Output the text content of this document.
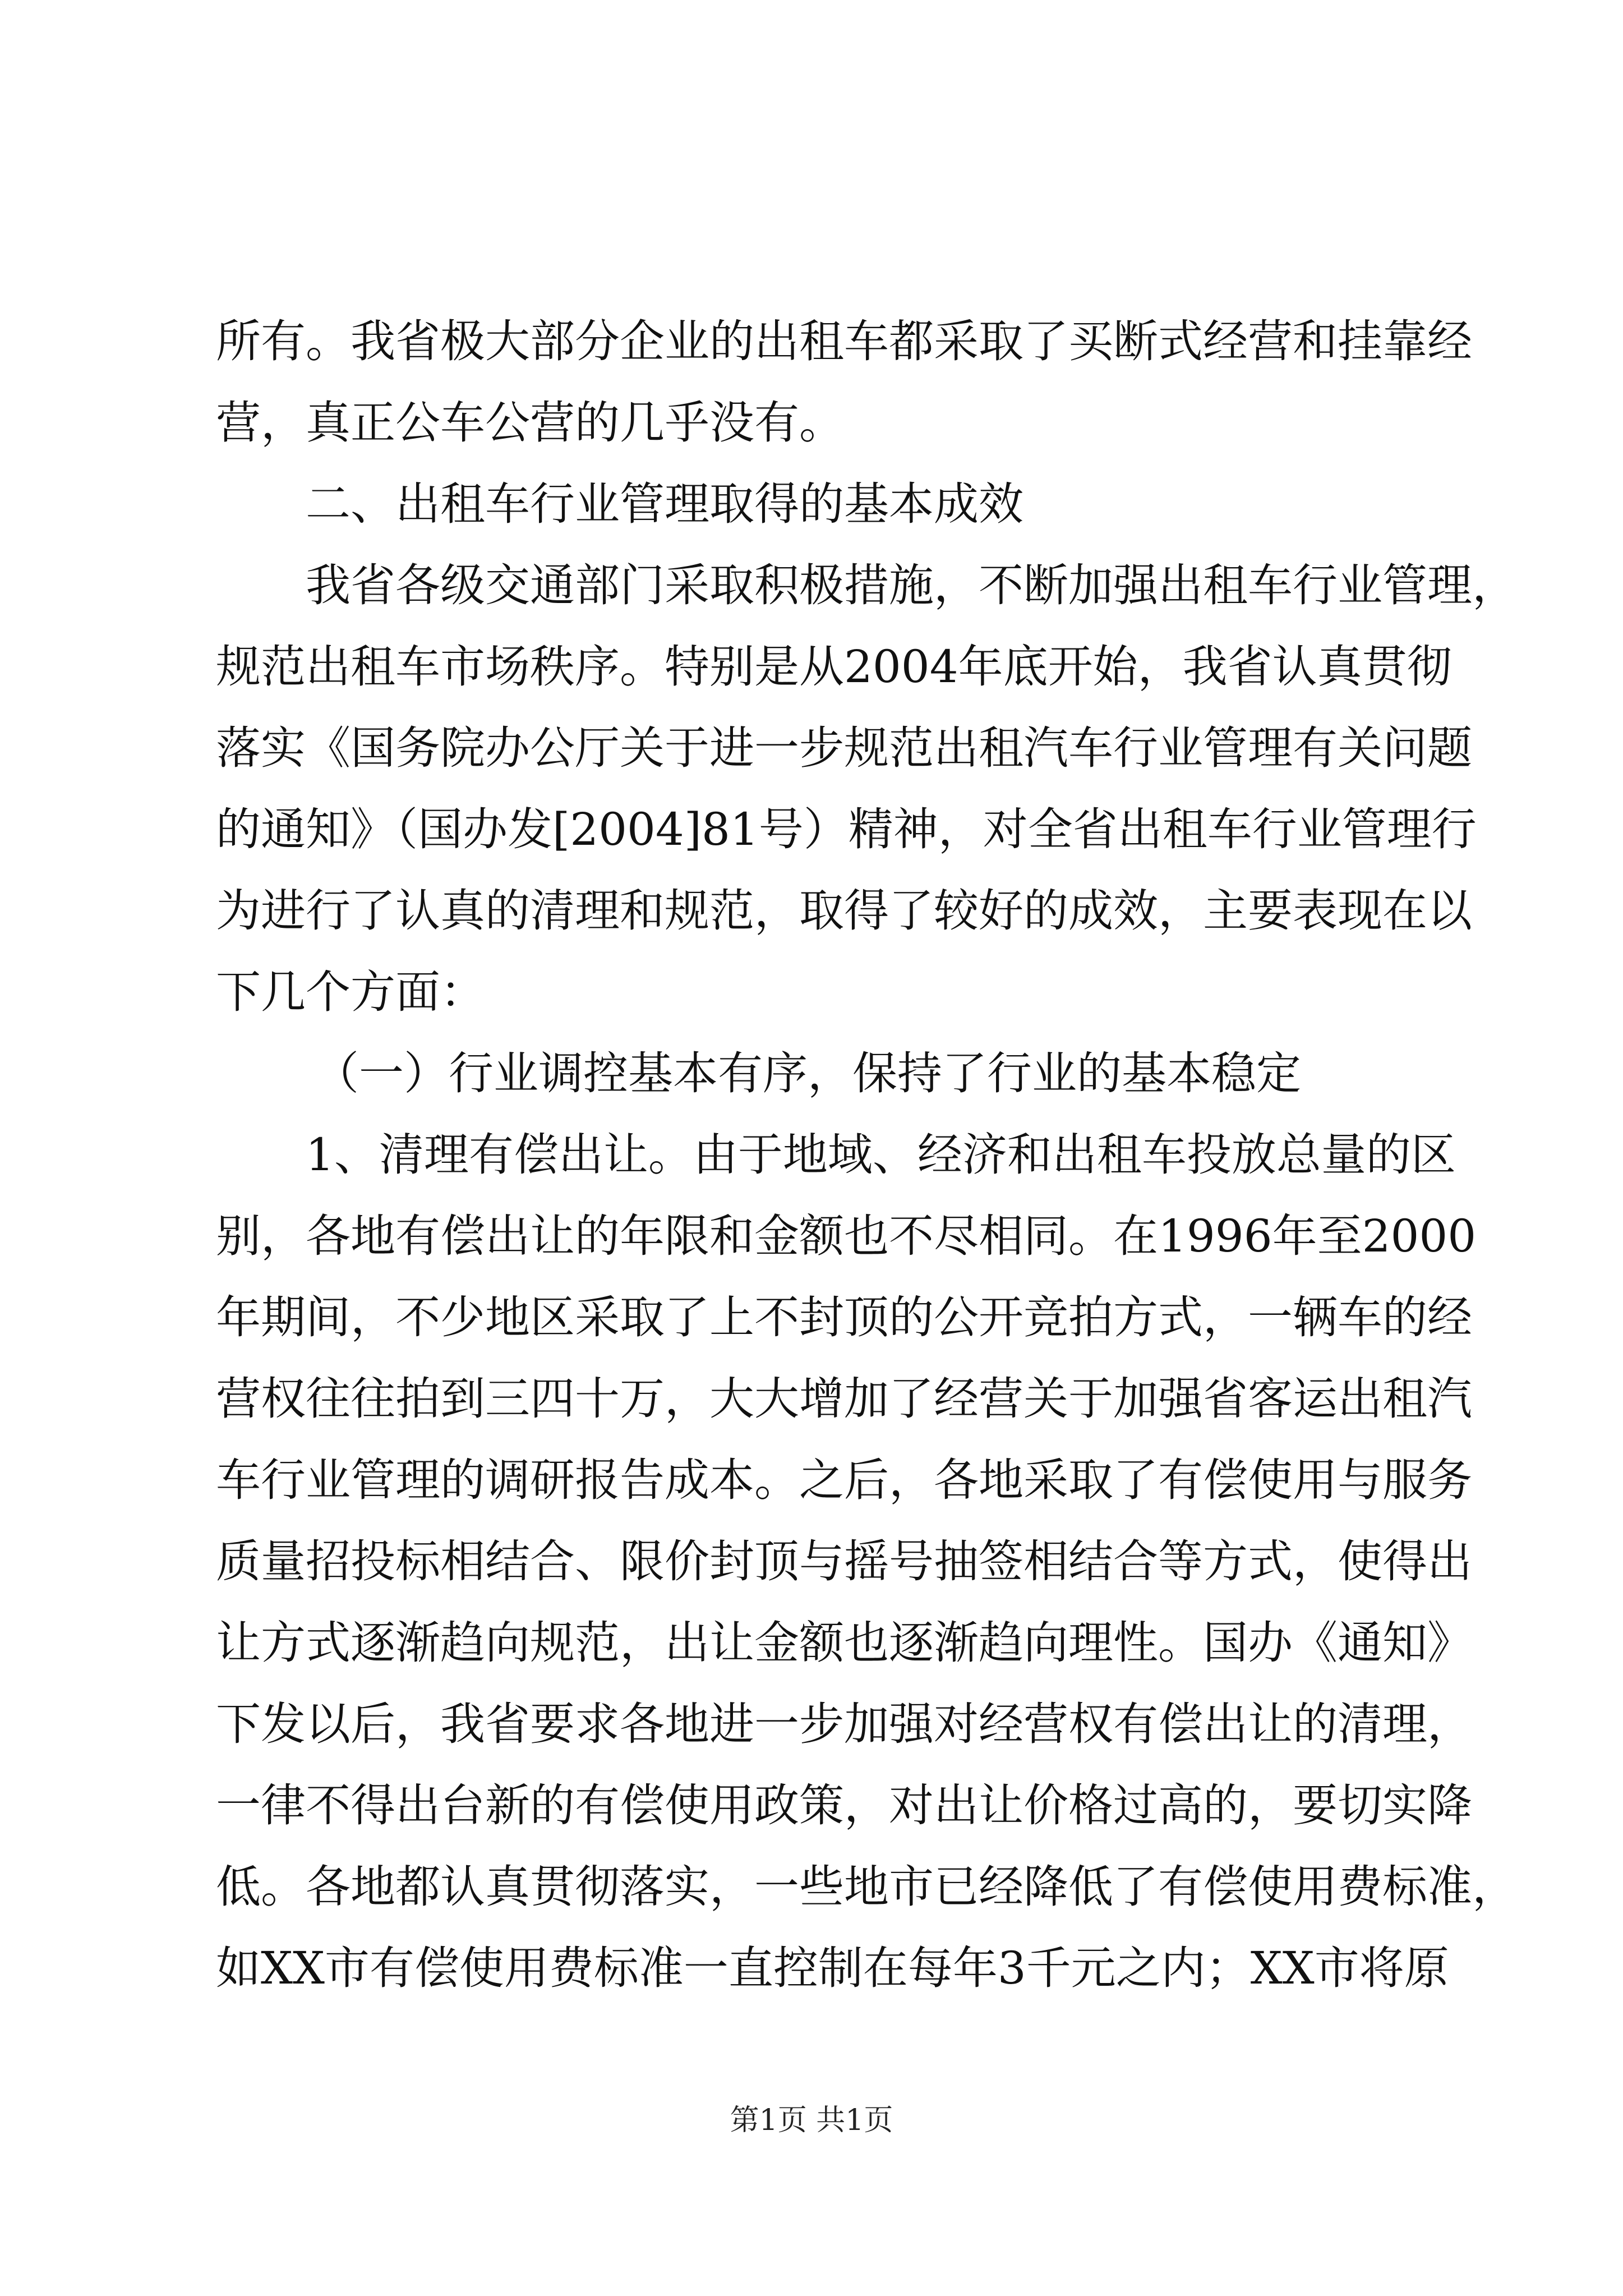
所有。我省极大部分企业的出租车都采取了买断式经营和挂靠经
营，真正公车公营的几乎没有。
二、出租车行业管理取得的基本成效
我省各级交通部门采取积极措施，不断加强出租车行业管理，
规范出租车市场秩序。特别是从2004年底开始，我省认真贯彻
落实《国务院办公厅关于进一步规范出租汽车行业管理有关问题
的通知》（国办发[2004]81号）精神，对全省出租车行业管理行
为进行了认真的清理和规范，取得了较好的成效，主要表现在以
下几个方面：
（一）行业调控基本有序，保持了行业的基本稳定
1、清理有偿出让。由于地域、经济和出租车投放总量的区
别，各地有偿出让的年限和金额也不尽相同。在1996年至2000
年期间，不少地区采取了上不封顶的公开竞拍方式，一辆车的经
营权往往拍到三四十万，大大增加了经营关于加强省客运出租汽
车行业管理的调研报告成本。之后，各地采取了有偿使用与服务
质量招投标相结合、限价封顶与摇号抽签相结合等方式，使得出
让方式逐渐趋向规范，出让金额也逐渐趋向理性。国办《通知》
下发以后，我省要求各地进一步加强对经营权有偿出让的清理，
一律不得出台新的有偿使用政策，对出让价格过高的，要切实降
低。各地都认真贯彻落实，一些地市已经降低了有偿使用费标准，
如XX市有偿使用费标准一直控制在每年3千元之内；XX市将原
第1页 共1页
